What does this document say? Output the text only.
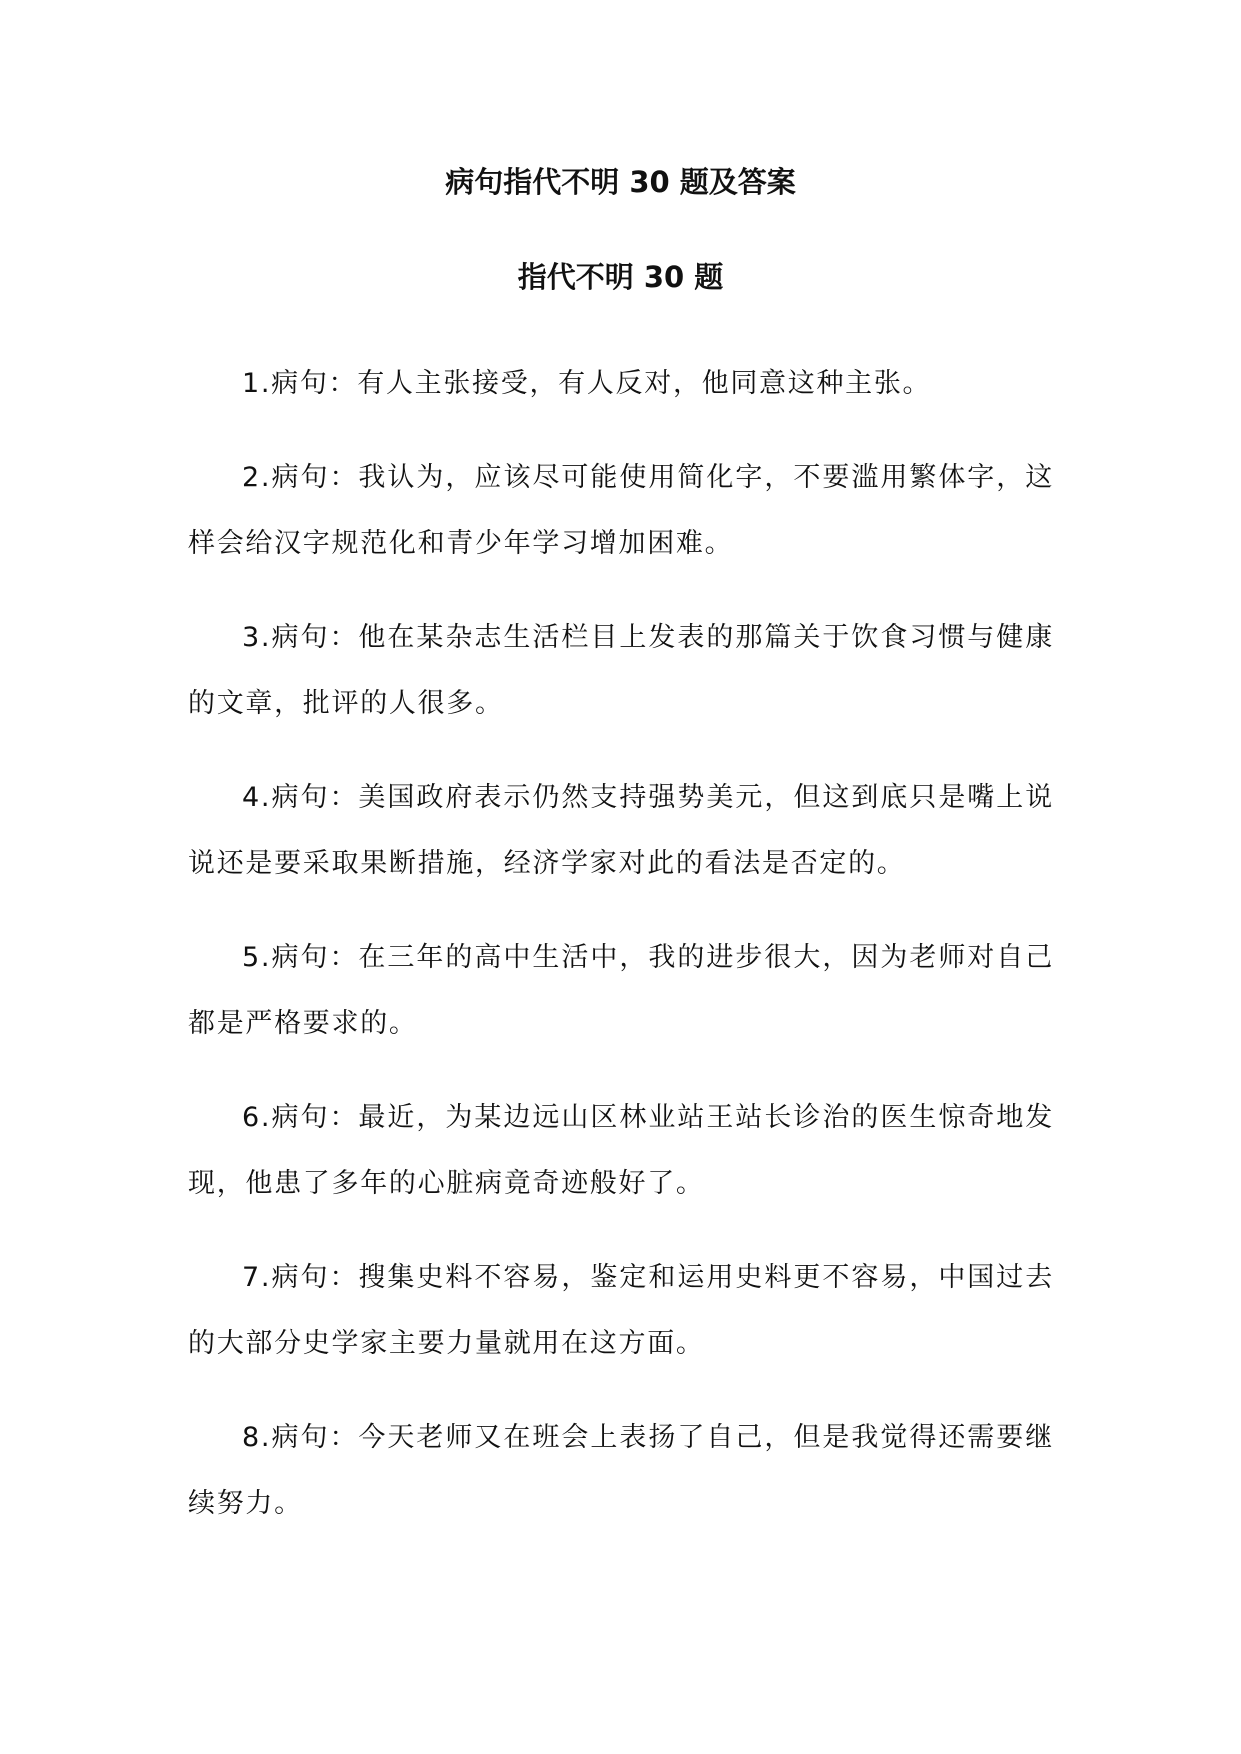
病句指代不明 30 题及答案
指代不明 30 题

1.病句：有人主张接受，有人反对，他同意这种主张。

2.病句：我认为，应该尽可能使用简化字，不要滥用繁体字，这样会给汉字规范化和青少年学习增加困难。

3.病句：他在某杂志生活栏目上发表的那篇关于饮食习惯与健康的文章，批评的人很多。

4.病句：美国政府表示仍然支持强势美元，但这到底只是嘴上说说还是要采取果断措施，经济学家对此的看法是否定的。

5.病句：在三年的高中生活中，我的进步很大，因为老师对自己都是严格要求的。

6.病句：最近，为某边远山区林业站王站长诊治的医生惊奇地发现，他患了多年的心脏病竟奇迹般好了。

7.病句：搜集史料不容易，鉴定和运用史料更不容易，中国过去的大部分史学家主要力量就用在这方面。

8.病句：今天老师又在班会上表扬了自己，但是我觉得还需要继续努力。
